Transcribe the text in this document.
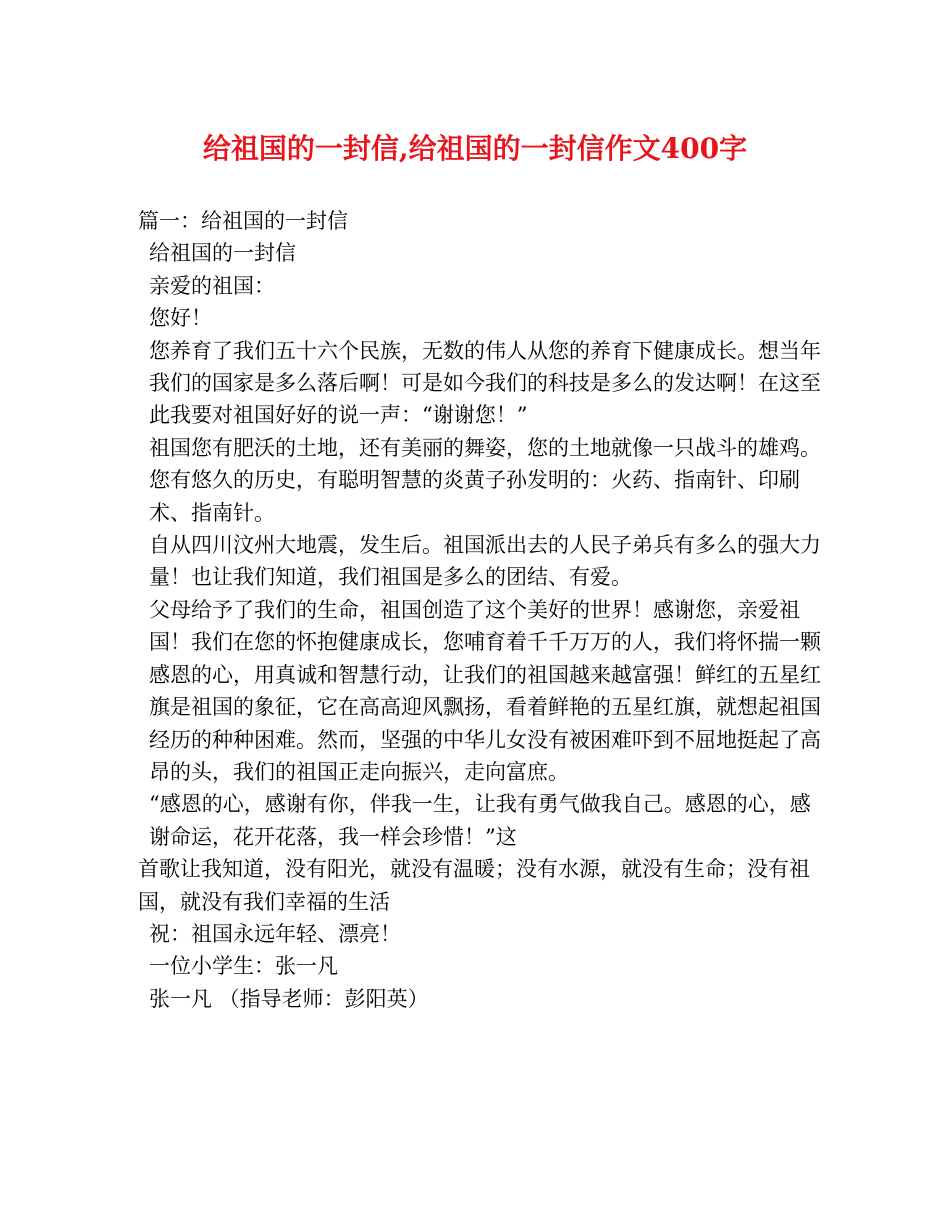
给祖国的一封信,给祖国的一封信作文400字

篇一：给祖国的一封信

给祖国的一封信

亲爱的祖国：

您好！

您养育了我们五十六个民族，无数的伟人从您的养育下健康成长。想当年我们的国家是多么落后啊！可是如今我们的科技是多么的发达啊！在这至此我要对祖国好好的说一声：“谢谢您！”

祖国您有肥沃的土地，还有美丽的舞姿，您的土地就像一只战斗的雄鸡。您有悠久的历史，有聪明智慧的炎黄子孙发明的：火药、指南针、印刷术、指南针。

自从四川汶州大地震，发生后。祖国派出去的人民子弟兵有多么的强大力量！也让我们知道，我们祖国是多么的团结、有爱。

父母给予了我们的生命，祖国创造了这个美好的世界！感谢您，亲爱祖国！我们在您的怀抱健康成长，您哺育着千千万万的人，我们将怀揣一颗感恩的心，用真诚和智慧行动，让我们的祖国越来越富强！鲜红的五星红旗是祖国的象征，它在高高迎风飘扬，看着鲜艳的五星红旗，就想起祖国经历的种种困难。然而，坚强的中华儿女没有被困难吓到不屈地挺起了高昂的头，我们的祖国正走向振兴，走向富庶。

“感恩的心，感谢有你，伴我一生，让我有勇气做我自己。感恩的心，感谢命运，花开花落，我一样会珍惜！”这

首歌让我知道，没有阳光，就没有温暖；没有水源，就没有生命；没有祖国，就没有我们幸福的生活

祝：祖国永远年轻、漂亮！

一位小学生：张一凡

张一凡 （指导老师：彭阳英）
